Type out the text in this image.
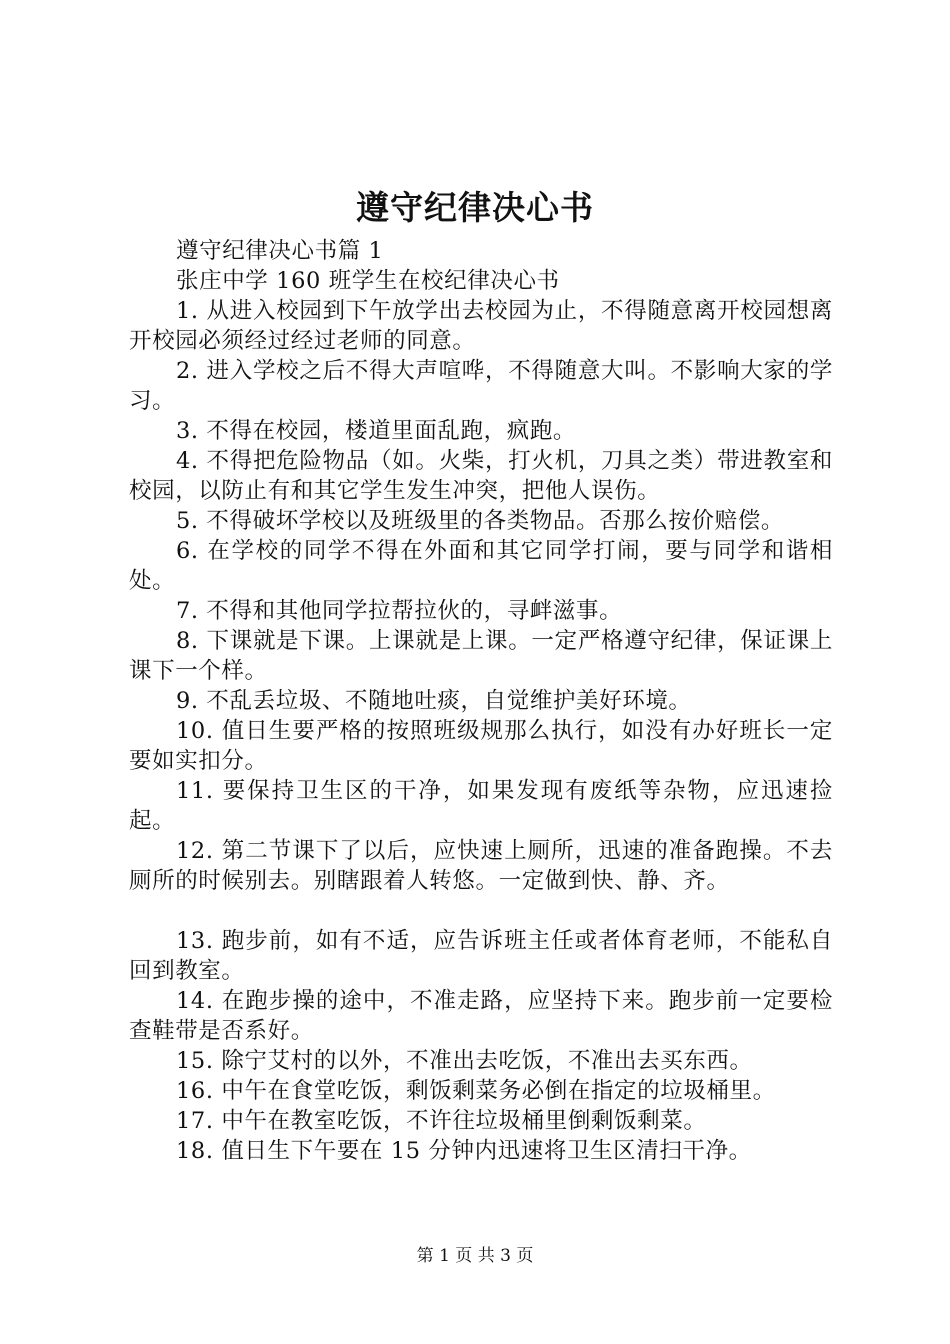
遵守纪律决心书

遵守纪律决心书篇 1

张庄中学 160 班学生在校纪律决心书

1. 从进入校园到下午放学出去校园为止，不得随意离开校园想离开校园必须经过经过老师的同意。

2. 进入学校之后不得大声喧哗，不得随意大叫。不影响大家的学习。

3. 不得在校园，楼道里面乱跑，疯跑。

4. 不得把危险物品（如。火柴，打火机，刀具之类）带进教室和校园，以防止有和其它学生发生冲突，把他人误伤。

5. 不得破坏学校以及班级里的各类物品。否那么按价赔偿。

6. 在学校的同学不得在外面和其它同学打闹，要与同学和谐相处。

7. 不得和其他同学拉帮拉伙的，寻衅滋事。

8. 下课就是下课。上课就是上课。一定严格遵守纪律，保证课上课下一个样。

9. 不乱丢垃圾、不随地吐痰，自觉维护美好环境。

10. 值日生要严格的按照班级规那么执行，如没有办好班长一定要如实扣分。

11. 要保持卫生区的干净，如果发现有废纸等杂物，应迅速捡起。

12. 第二节课下了以后，应快速上厕所，迅速的准备跑操。不去厕所的时候别去。别瞎跟着人转悠。一定做到快、静、齐。

13. 跑步前，如有不适，应告诉班主任或者体育老师，不能私自回到教室。

14. 在跑步操的途中，不准走路，应坚持下来。跑步前一定要检查鞋带是否系好。

15. 除宁艾村的以外，不准出去吃饭，不准出去买东西。

16. 中午在食堂吃饭，剩饭剩菜务必倒在指定的垃圾桶里。

17. 中午在教室吃饭，不许往垃圾桶里倒剩饭剩菜。

18. 值日生下午要在 15 分钟内迅速将卫生区清扫干净。

第 1 页 共 3 页
